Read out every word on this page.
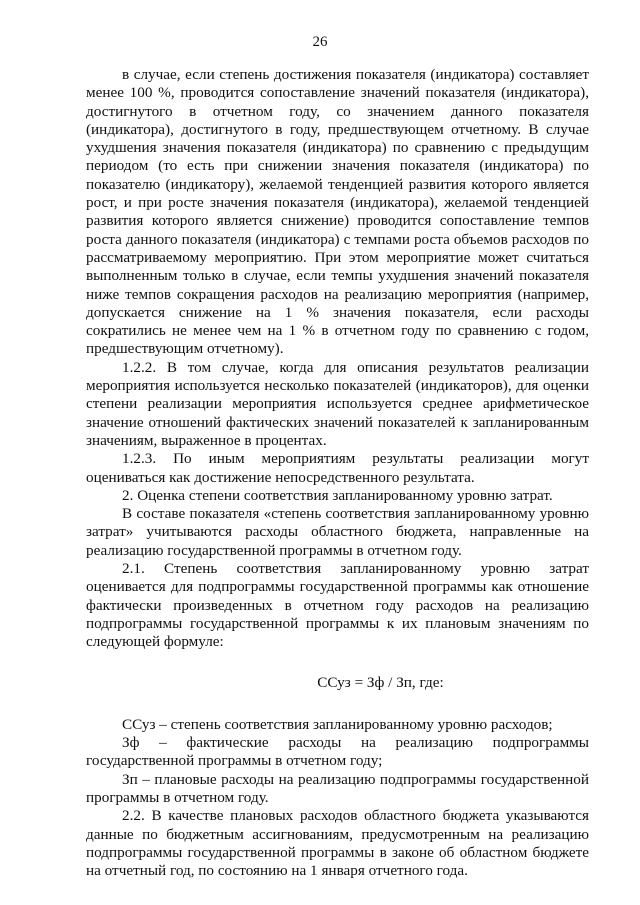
26

в случае, если степень достижения показателя (индикатора) составляет менее 100 %, проводится сопоставление значений показателя (индикатора), достигнутого в отчетном году, со значением данного показателя (индикатора), достигнутого в году, предшествующем отчетному. В случае ухудшения значения показателя (индикатора) по сравнению с предыдущим периодом (то есть при снижении значения показателя (индикатора) по показателю (индикатору), желаемой тенденцией развития которого является рост, и при росте значения показателя (индикатора), желаемой тенденцией развития которого является снижение) проводится сопоставление темпов роста данного показателя (индикатора) с темпами роста объемов расходов по рассматриваемому мероприятию. При этом мероприятие может считаться выполненным только в случае, если темпы ухудшения значений показателя ниже темпов сокращения расходов на реализацию мероприятия (например, допускается снижение на 1 % значения показателя, если расходы сократились не менее чем на 1 % в отчетном году по сравнению с годом, предшествующим отчетному).

1.2.2. В том случае, когда для описания результатов реализации мероприятия используется несколько показателей (индикаторов), для оценки степени реализации мероприятия используется среднее арифметическое значение отношений фактических значений показателей к запланированным значениям, выраженное в процентах.

1.2.3. По иным мероприятиям результаты реализации могут оцениваться как достижение непосредственного результата.

2. Оценка степени соответствия запланированному уровню затрат.

В составе показателя «степень соответствия запланированному уровню затрат» учитываются расходы областного бюджета, направленные на реализацию государственной программы в отчетном году.

2.1. Степень соответствия запланированному уровню затрат оценивается для подпрограммы государственной программы как отношение фактически произведенных в отчетном году расходов на реализацию подпрограммы государственной программы к их плановым значениям по следующей формуле:

ССуз = Зф / Зп, где:

ССуз – степень соответствия запланированному уровню расходов;

Зф – фактические расходы на реализацию подпрограммы государственной программы в отчетном году;

Зп – плановые расходы на реализацию подпрограммы государственной программы в отчетном году.

2.2. В качестве плановых расходов областного бюджета указываются данные по бюджетным ассигнованиям, предусмотренным на реализацию подпрограммы государственной программы в законе об областном бюджете на отчетный год, по состоянию на 1 января отчетного года.
